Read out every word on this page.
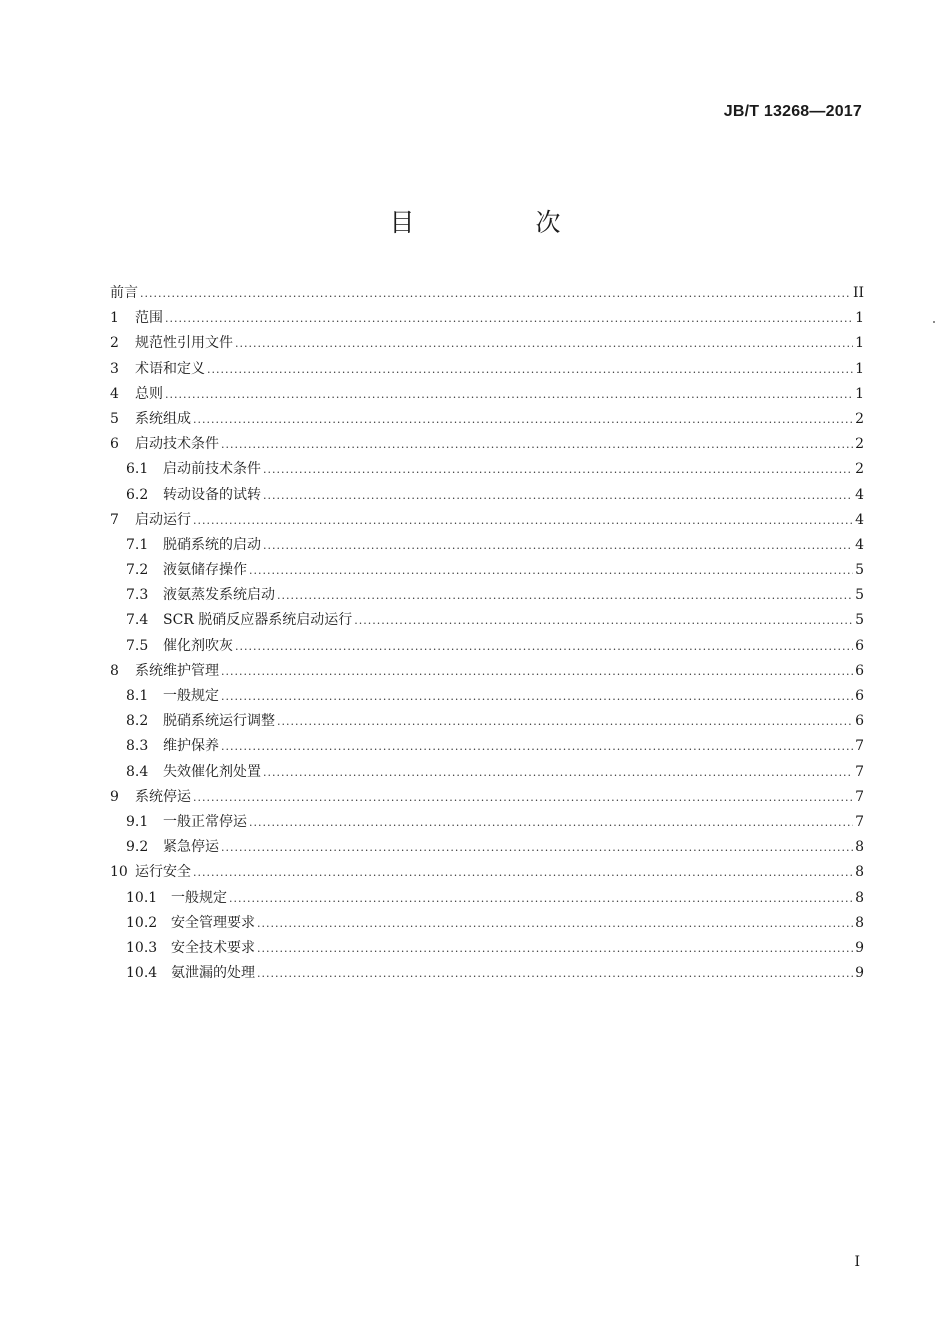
JB/T 13268—2017
目　次
前言 .....	II
1	范围 .....	1
2	规范性引用文件 .....	1
3	术语和定义 .....	1
4	总则 .....	1
5	系统组成 .....	2
6	启动技术条件 .....	2
6.1	启动前技术条件 .....	2
6.2	转动设备的试转 .....	4
7	启动运行 .....	4
7.1	脱硝系统的启动 .....	4
7.2	液氨储存操作 .....	5
7.3	液氨蒸发系统启动 .....	5
7.4	SCR 脱硝反应器系统启动运行 .....	5
7.5	催化剂吹灰 .....	6
8	系统维护管理 .....	6
8.1	一般规定 .....	6
8.2	脱硝系统运行调整 .....	6
8.3	维护保养 .....	7
8.4	失效催化剂处置 .....	7
9	系统停运 .....	7
9.1	一般正常停运 .....	7
9.2	紧急停运 .....	8
10 运行安全 .....	8
10.1 一般规定 .....	8
10.2 安全管理要求 .....	8
10.3 安全技术要求 .....	9
10.4 氨泄漏的处理 .....	9
I
